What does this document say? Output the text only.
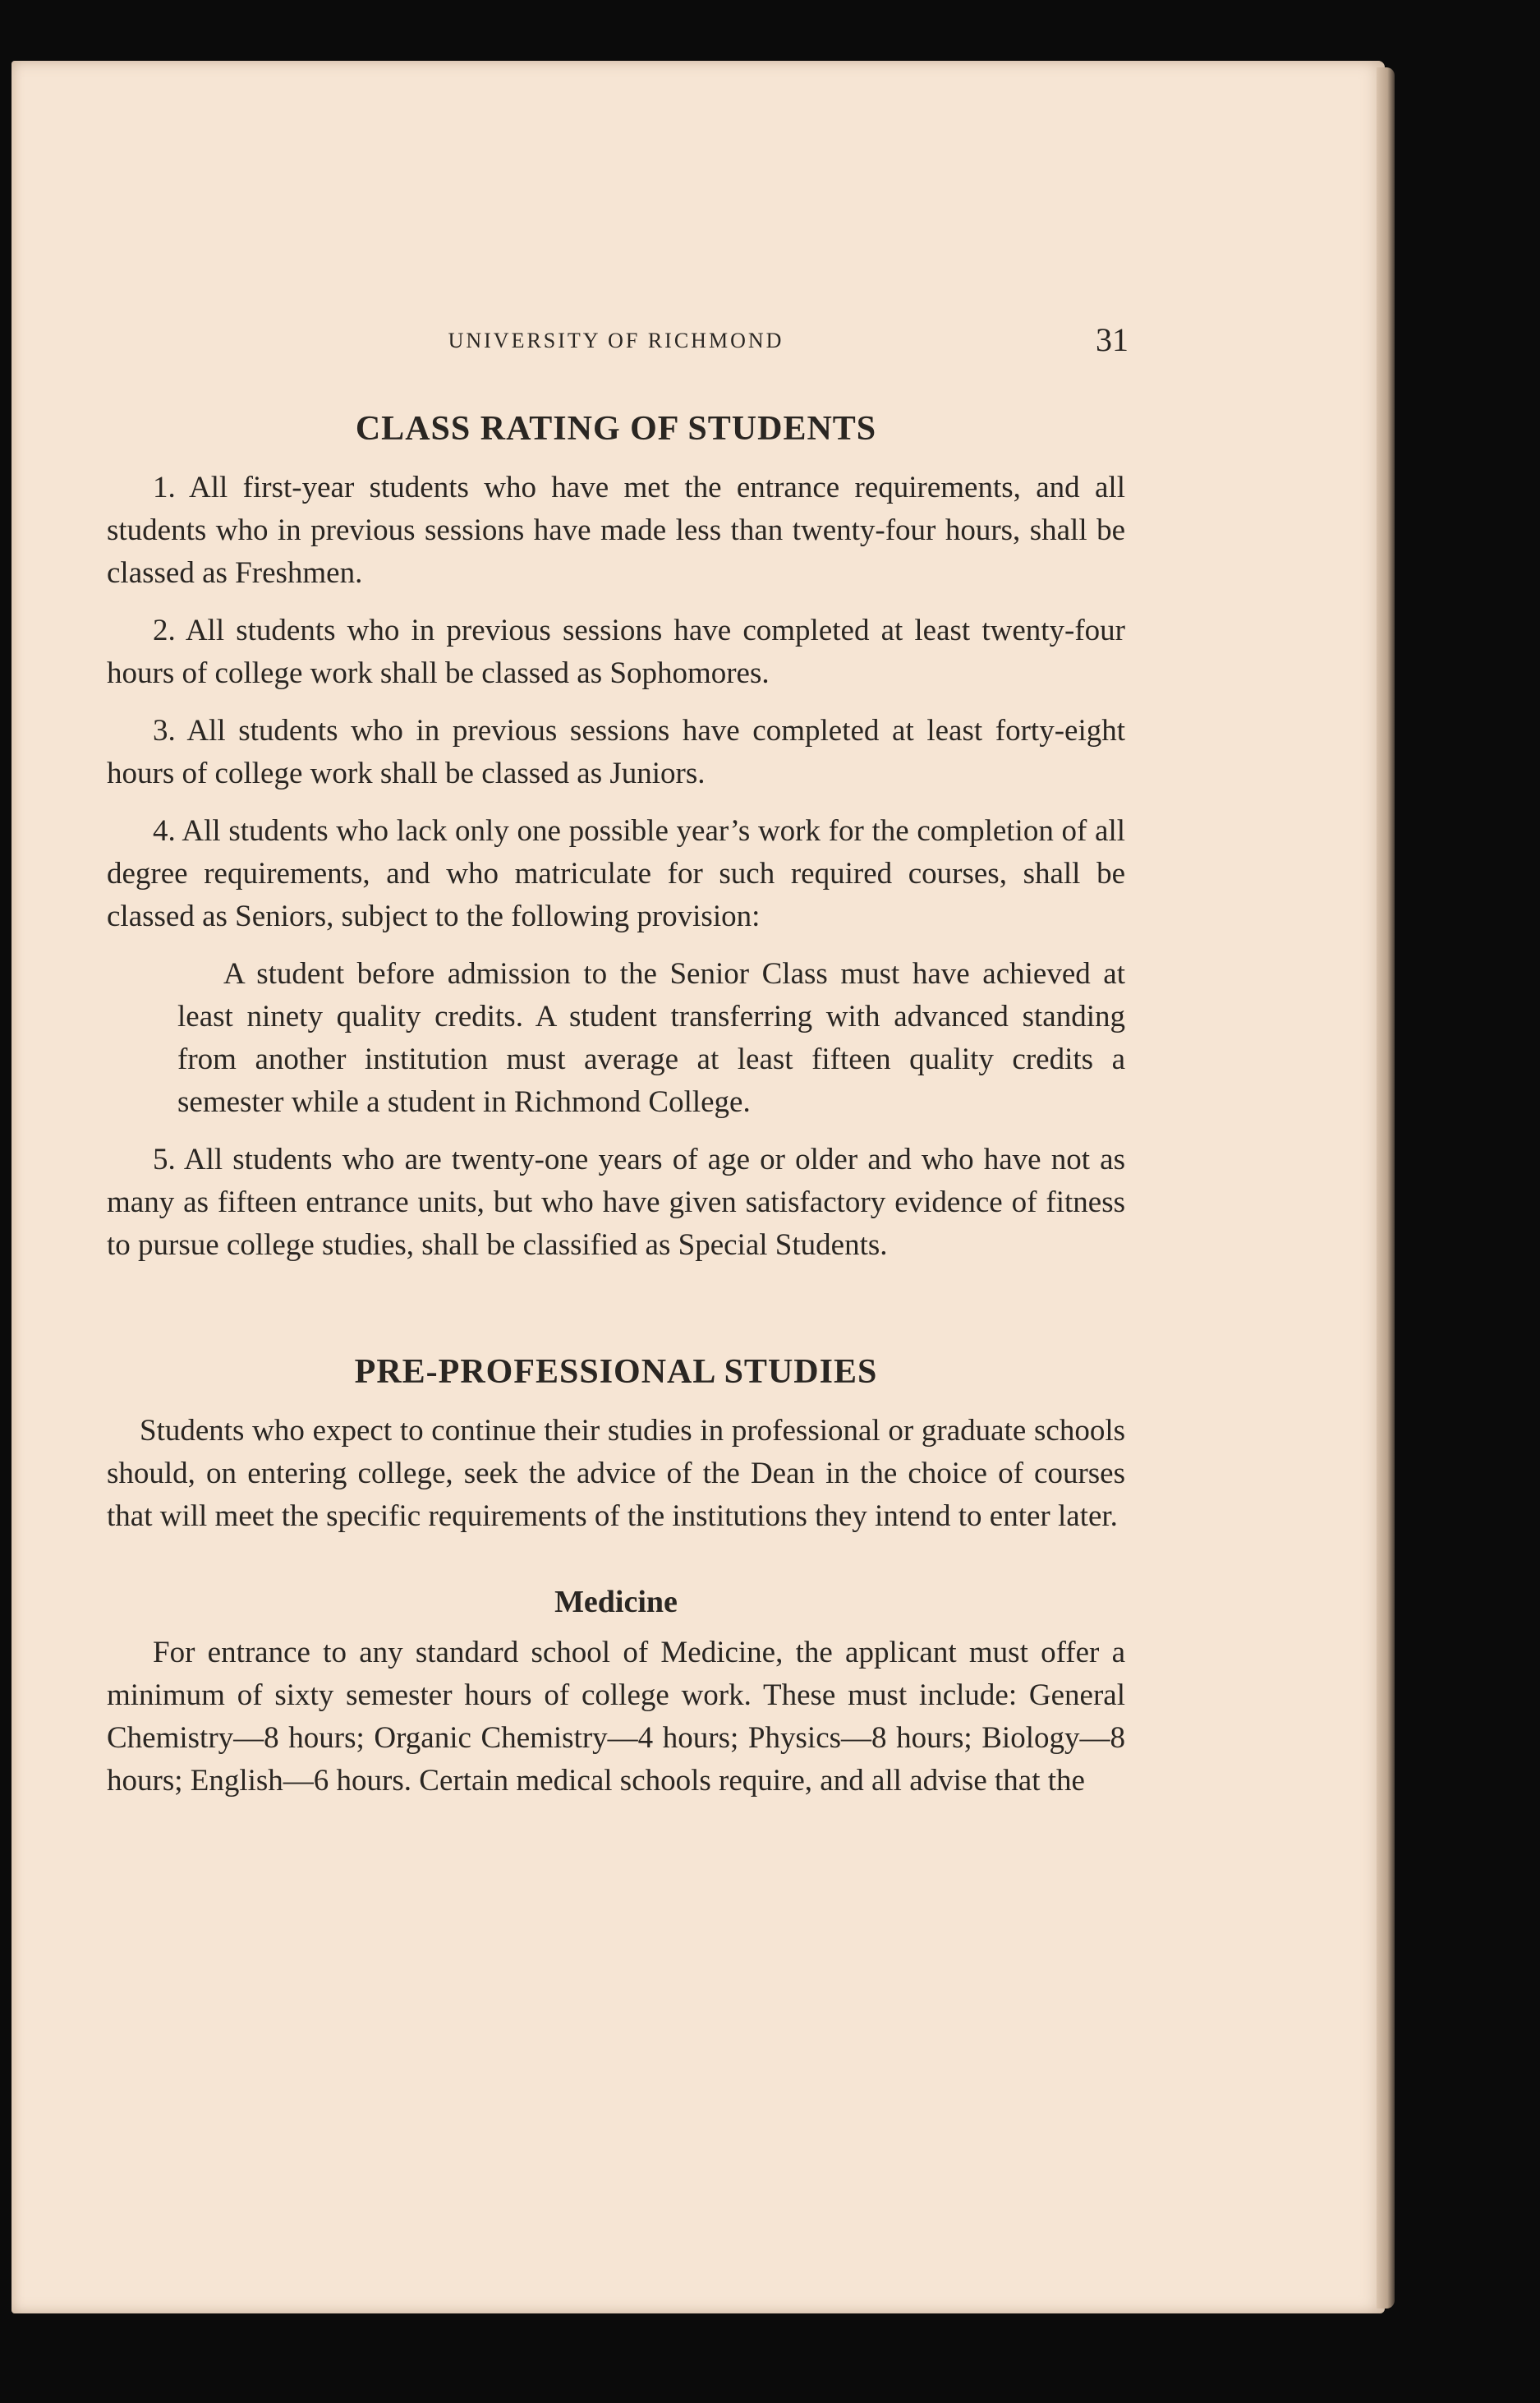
UNIVERSITY OF RICHMOND	31
CLASS RATING OF STUDENTS

1. All first-year students who have met the entrance requirements, and all students who in previous sessions have made less than twenty-four hours, shall be classed as Freshmen.

2. All students who in previous sessions have completed at least twenty-four hours of college work shall be classed as Sophomores.

3. All students who in previous sessions have completed at least forty-eight hours of college work shall be classed as Juniors.

4. All students who lack only one possible year’s work for the completion of all degree requirements, and who matriculate for such required courses, shall be classed as Seniors, subject to the following provision:

A student before admission to the Senior Class must have achieved at least ninety quality credits. A student transferring with advanced standing from another institution must average at least fifteen quality credits a semester while a student in Richmond College.

5. All students who are twenty-one years of age or older and who have not as many as fifteen entrance units, but who have given satisfactory evidence of fitness to pursue college studies, shall be classified as Special Students.

PRE-PROFESSIONAL STUDIES

Students who expect to continue their studies in professional or graduate schools should, on entering college, seek the advice of the Dean in the choice of courses that will meet the specific requirements of the institutions they intend to enter later.

Medicine

For entrance to any standard school of Medicine, the applicant must offer a minimum of sixty semester hours of college work. These must include: General Chemistry—8 hours; Organic Chemistry—4 hours; Physics—8 hours; Biology—8 hours; English—6 hours. Certain medical schools require, and all advise that the
